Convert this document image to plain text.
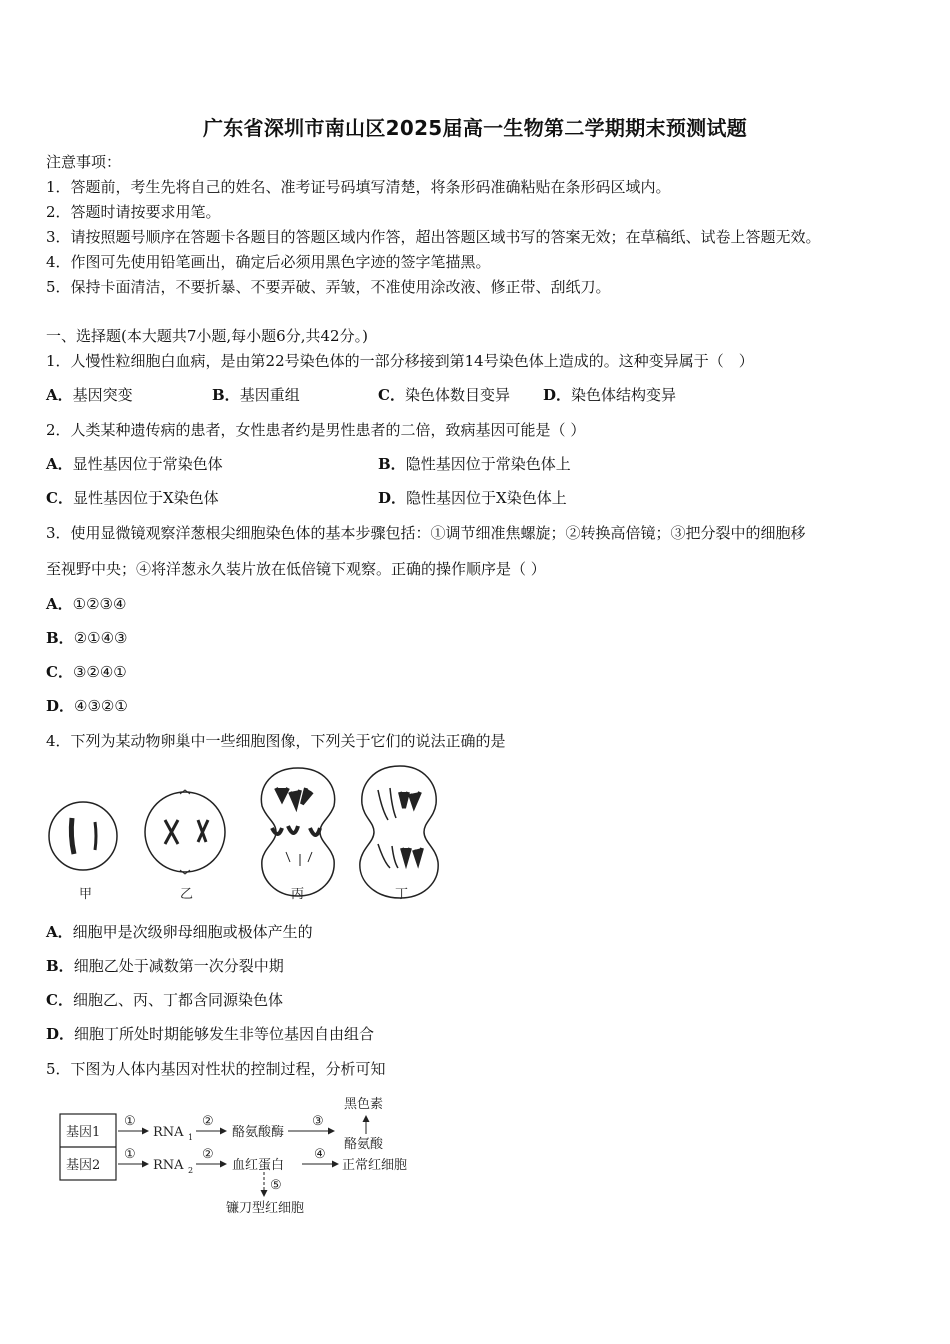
广东省深圳市南山区2025届高一生物第二学期期末预测试题
注意事项：
1．答题前，考生先将自己的姓名、准考证号码填写清楚，将条形码准确粘贴在条形码区域内。
2．答题时请按要求用笔。
3．请按照题号顺序在答题卡各题目的答题区域内作答，超出答题区域书写的答案无效；在草稿纸、试卷上答题无效。
4．作图可先使用铅笔画出，确定后必须用黑色字迹的签字笔描黑。
5．保持卡面清洁，不要折暴、不要弄破、弄皱，不准使用涂改液、修正带、刮纸刀。
一、选择题(本大题共7小题,每小题6分,共42分。)
1．人慢性粒细胞白血病，是由第22号染色体的一部分移接到第14号染色体上造成的。这种变异属于（　）
A．基因突变	B．基因重组	C．染色体数目变异 D．染色体结构变异
2．人类某种遗传病的患者，女性患者约是男性患者的二倍，致病基因可能是（ ）
A．显性基因位于常染色体	B．隐性基因位于常染色体上
C．显性基因位于X染色体	D．隐性基因位于X染色体上
3．使用显微镜观察洋葱根尖细胞染色体的基本步骤包括：①调节细准焦螺旋；②转换高倍镜；③把分裂中的细胞移
至视野中央；④将洋葱永久装片放在低倍镜下观察。正确的操作顺序是（ ）
A．①②③④
B．②①④③
C．③②④①
D．④③②①
4．下列为某动物卵巢中一些细胞图像，下列关于它们的说法正确的是
甲	乙	丙	丁
A．细胞甲是次级卵母细胞或极体产生的
B．细胞乙处于减数第一次分裂中期
C．细胞乙、丙、丁都含同源染色体
D．细胞丁所处时期能够发生非等位基因自由组合
5．下图为人体内基因对性状的控制过程，分析可知
基因1
基因2
①
RNA 1
②
酪氨酸酶
③
黑色素
酪氨酸
①
RNA 2
②
血红蛋白
④
正常红细胞
⑤
镰刀型红细胞
